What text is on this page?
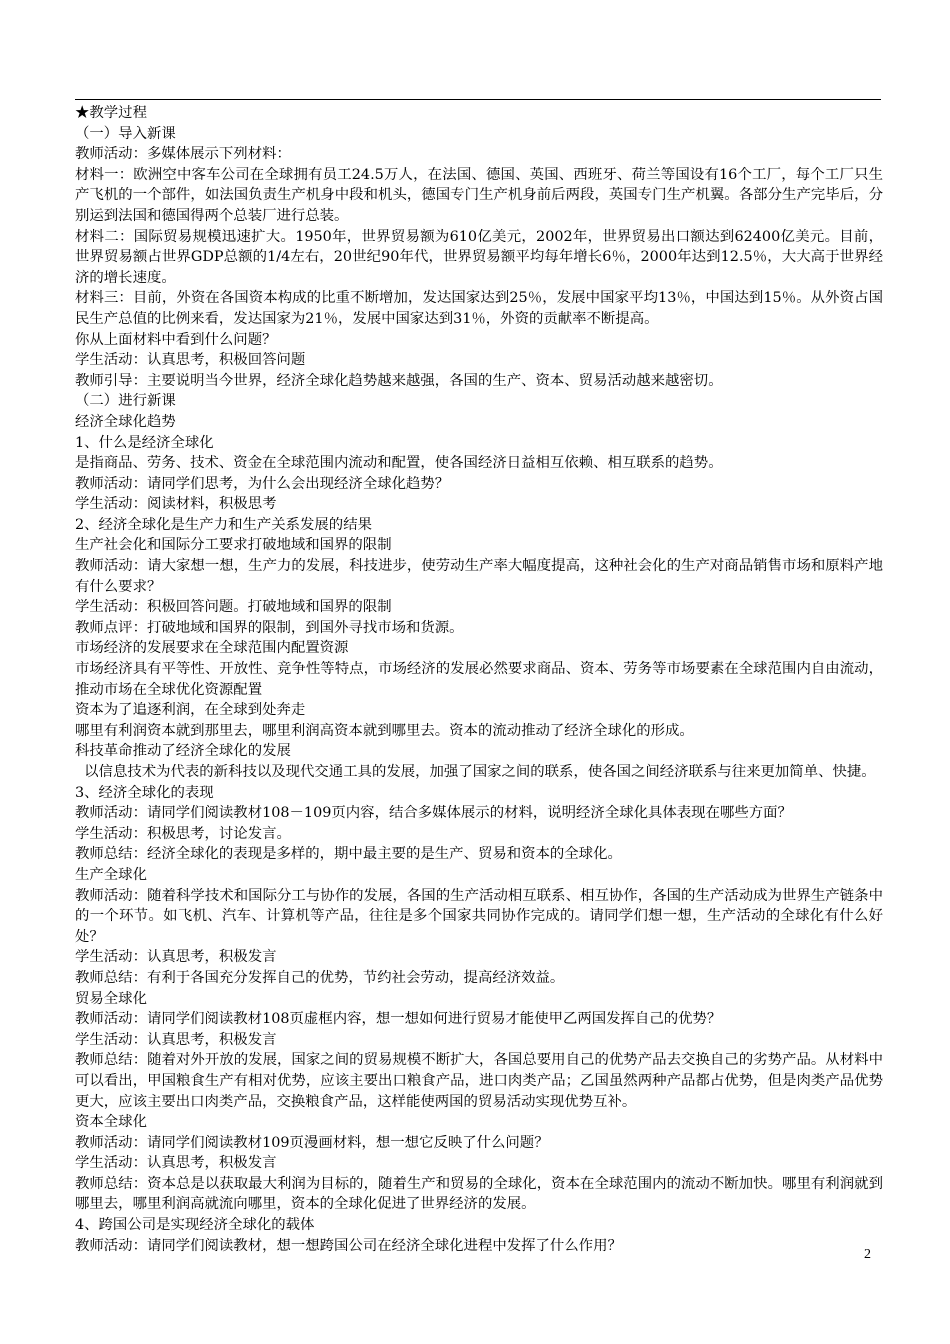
★教学过程

（一）导入新课

教师活动：多媒体展示下列材料：

材料一：欧洲空中客车公司在全球拥有员工24.5万人，在法国、德国、英国、西班牙、荷兰等国设有16个工厂，每个工厂只生产飞机的一个部件，如法国负责生产机身中段和机头，德国专门生产机身前后两段，英国专门生产机翼。各部分生产完毕后，分别运到法国和德国得两个总装厂进行总装。

材料二：国际贸易规模迅速扩大。1950年，世界贸易额为610亿美元，2002年，世界贸易出口额达到62400亿美元。目前，世界贸易额占世界GDP总额的1/4左右，20世纪90年代，世界贸易额平均每年增长6％，2000年达到12.5％，大大高于世界经济的增长速度。

材料三：目前，外资在各国资本构成的比重不断增加，发达国家达到25％，发展中国家平均13％，中国达到15％。从外资占国民生产总值的比例来看，发达国家为21％，发展中国家达到31％，外资的贡献率不断提高。

你从上面材料中看到什么问题？

学生活动：认真思考，积极回答问题

教师引导：主要说明当今世界，经济全球化趋势越来越强，各国的生产、资本、贸易活动越来越密切。

（二）进行新课

经济全球化趋势

1、什么是经济全球化

是指商品、劳务、技术、资金在全球范围内流动和配置，使各国经济日益相互依赖、相互联系的趋势。

教师活动：请同学们思考，为什么会出现经济全球化趋势？

学生活动：阅读材料，积极思考

2、经济全球化是生产力和生产关系发展的结果

生产社会化和国际分工要求打破地域和国界的限制

教师活动：请大家想一想，生产力的发展，科技进步，使劳动生产率大幅度提高，这种社会化的生产对商品销售市场和原料产地有什么要求？

学生活动：积极回答问题。打破地域和国界的限制

教师点评：打破地域和国界的限制，到国外寻找市场和货源。

市场经济的发展要求在全球范围内配置资源

市场经济具有平等性、开放性、竞争性等特点，市场经济的发展必然要求商品、资本、劳务等市场要素在全球范围内自由流动，推动市场在全球优化资源配置

资本为了追逐利润，在全球到处奔走

哪里有利润资本就到那里去，哪里利润高资本就到哪里去。资本的流动推动了经济全球化的形成。

科技革命推动了经济全球化的发展

以信息技术为代表的新科技以及现代交通工具的发展，加强了国家之间的联系，使各国之间经济联系与往来更加简单、快捷。

3、经济全球化的表现

教师活动：请同学们阅读教材108－109页内容，结合多媒体展示的材料，说明经济全球化具体表现在哪些方面？

学生活动：积极思考，讨论发言。

教师总结：经济全球化的表现是多样的，期中最主要的是生产、贸易和资本的全球化。

生产全球化

教师活动：随着科学技术和国际分工与协作的发展，各国的生产活动相互联系、相互协作，各国的生产活动成为世界生产链条中的一个环节。如飞机、汽车、计算机等产品，往往是多个国家共同协作完成的。请同学们想一想，生产活动的全球化有什么好处？

学生活动：认真思考，积极发言

教师总结：有利于各国充分发挥自己的优势，节约社会劳动，提高经济效益。

贸易全球化

教师活动：请同学们阅读教材108页虚框内容，想一想如何进行贸易才能使甲乙两国发挥自己的优势？

学生活动：认真思考，积极发言

教师总结：随着对外开放的发展，国家之间的贸易规模不断扩大，各国总要用自己的优势产品去交换自己的劣势产品。从材料中可以看出，甲国粮食生产有相对优势，应该主要出口粮食产品，进口肉类产品；乙国虽然两种产品都占优势，但是肉类产品优势更大，应该主要出口肉类产品，交换粮食产品，这样能使两国的贸易活动实现优势互补。

资本全球化

教师活动：请同学们阅读教材109页漫画材料，想一想它反映了什么问题？

学生活动：认真思考，积极发言

教师总结：资本总是以获取最大利润为目标的，随着生产和贸易的全球化，资本在全球范围内的流动不断加快。哪里有利润就到哪里去，哪里利润高就流向哪里，资本的全球化促进了世界经济的发展。

4、跨国公司是实现经济全球化的载体

教师活动：请同学们阅读教材，想一想跨国公司在经济全球化进程中发挥了什么作用？

2
